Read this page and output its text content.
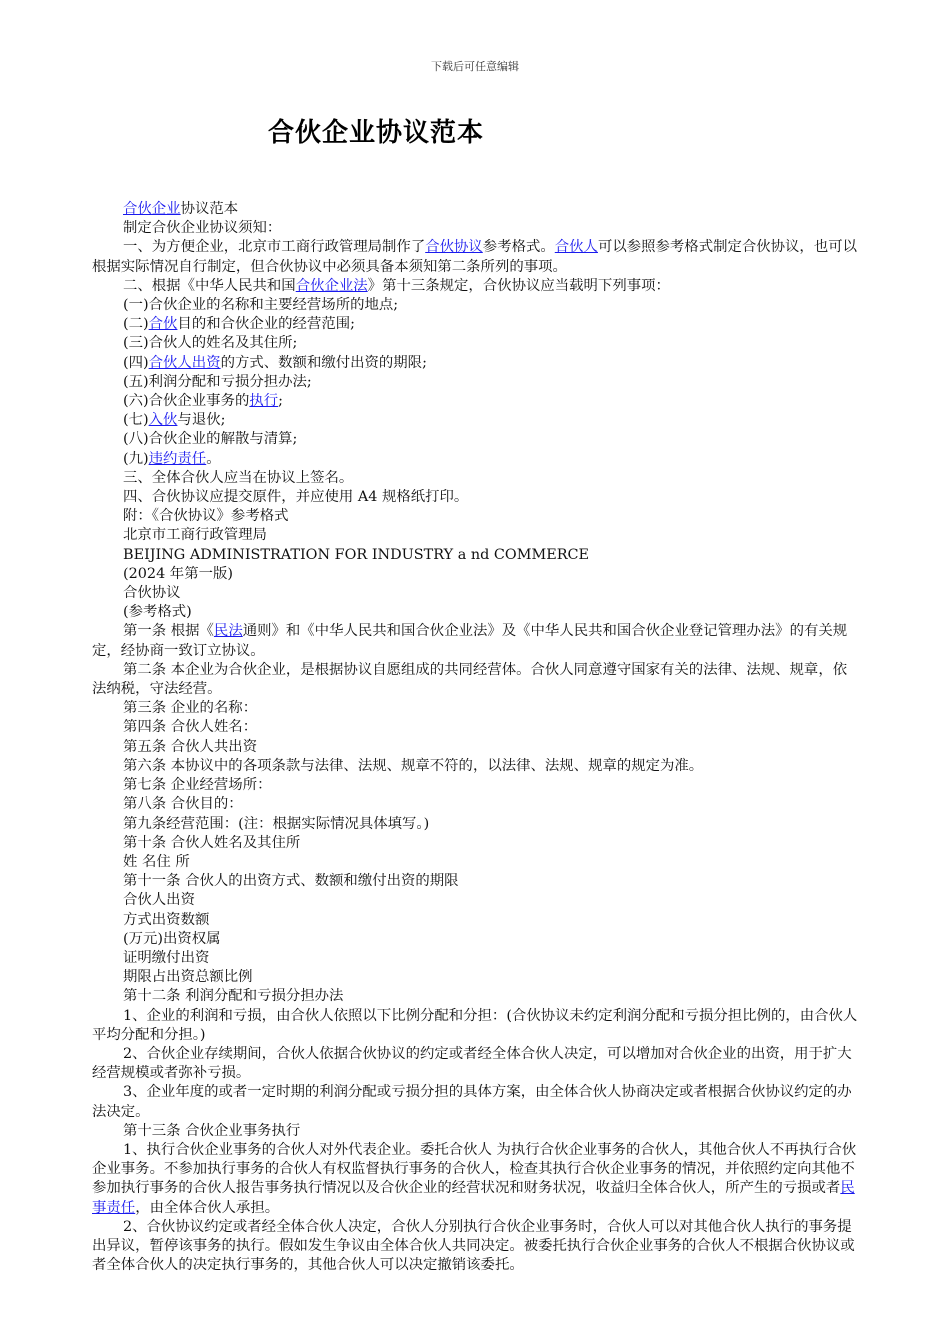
下载后可任意编辑
合伙企业协议范本

合伙企业协议范本

制定合伙企业协议须知：

一、为方便企业，北京市工商行政管理局制作了合伙协议参考格式。合伙人可以参照参考格式制定合伙协议，也可以根据实际情况自行制定，但合伙协议中必须具备本须知第二条所列的事项。

二、根据《中华人民共和国合伙企业法》第十三条规定，合伙协议应当载明下列事项：

(一)合伙企业的名称和主要经营场所的地点;

(二)合伙目的和合伙企业的经营范围;

(三)合伙人的姓名及其住所;

(四)合伙人出资的方式、数额和缴付出资的期限;

(五)利润分配和亏损分担办法;

(六)合伙企业事务的执行;

(七)入伙与退伙;

(八)合伙企业的解散与清算;

(九)违约责任。

三、全体合伙人应当在协议上签名。

四、合伙协议应提交原件，并应使用 A4 规格纸打印。

附：《合伙协议》参考格式

北京市工商行政管理局

BEIJING ADMINISTRATION FOR INDUSTRY a nd COMMERCE

(2024 年第一版)

合伙协议

(参考格式)

第一条 根据《民法通则》和《中华人民共和国合伙企业法》及《中华人民共和国合伙企业登记管理办法》的有关规定，经协商一致订立协议。

第二条 本企业为合伙企业，是根据协议自愿组成的共同经营体。合伙人同意遵守国家有关的法律、法规、规章，依法纳税，守法经营。

第三条 企业的名称：

第四条 合伙人姓名：

第五条 合伙人共出资

第六条 本协议中的各项条款与法律、法规、规章不符的，以法律、法规、规章的规定为准。

第七条 企业经营场所：

第八条 合伙目的：

第九条经营范围：(注：根据实际情况具体填写。)

第十条 合伙人姓名及其住所

姓 名住 所

第十一条 合伙人的出资方式、数额和缴付出资的期限

合伙人出资

方式出资数额

(万元)出资权属

证明缴付出资

期限占出资总额比例

第十二条 利润分配和亏损分担办法

1、企业的利润和亏损，由合伙人依照以下比例分配和分担：(合伙协议未约定利润分配和亏损分担比例的，由合伙人平均分配和分担。)

2、合伙企业存续期间，合伙人依据合伙协议的约定或者经全体合伙人决定，可以增加对合伙企业的出资，用于扩大经营规模或者弥补亏损。

3、企业年度的或者一定时期的利润分配或亏损分担的具体方案，由全体合伙人协商决定或者根据合伙协议约定的办法决定。

第十三条 合伙企业事务执行

1、执行合伙企业事务的合伙人对外代表企业。委托合伙人 为执行合伙企业事务的合伙人，其他合伙人不再执行合伙企业事务。不参加执行事务的合伙人有权监督执行事务的合伙人，检查其执行合伙企业事务的情况，并依照约定向其他不参加执行事务的合伙人报告事务执行情况以及合伙企业的经营状况和财务状况，收益归全体合伙人，所产生的亏损或者民事责任，由全体合伙人承担。

2、合伙协议约定或者经全体合伙人决定，合伙人分别执行合伙企业事务时，合伙人可以对其他合伙人执行的事务提出异议，暂停该事务的执行。假如发生争议由全体合伙人共同决定。被委托执行合伙企业事务的合伙人不根据合伙协议或者全体合伙人的决定执行事务的，其他合伙人可以决定撤销该委托。
